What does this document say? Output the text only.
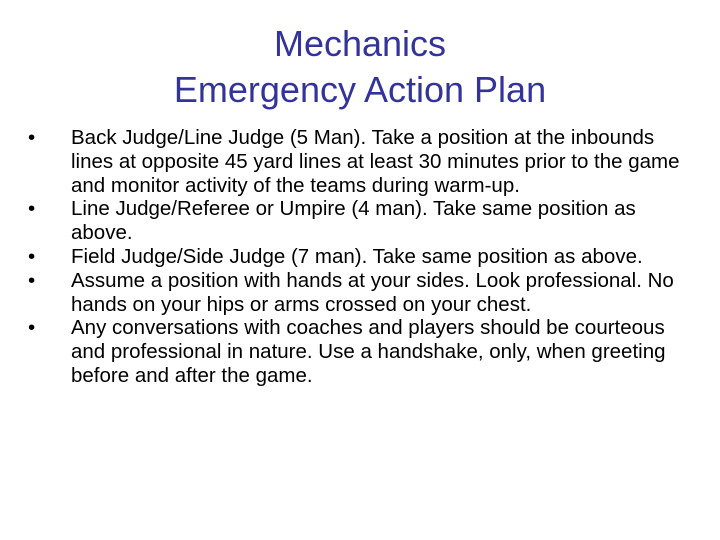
Mechanics
Emergency Action Plan
•	Back Judge/Line Judge (5 Man). Take a position at the inbounds lines at opposite 45 yard lines at least 30 minutes prior to the game and monitor activity of the teams during warm-up.
•	Line Judge/Referee or Umpire (4 man). Take same position as above.
•	Field Judge/Side Judge (7 man). Take same position as above.
•	Assume a position with hands at your sides. Look professional. No hands on your hips or arms crossed on your chest.
•	Any conversations with coaches and players should be courteous and professional in nature. Use a handshake, only, when greeting before and after the game.
